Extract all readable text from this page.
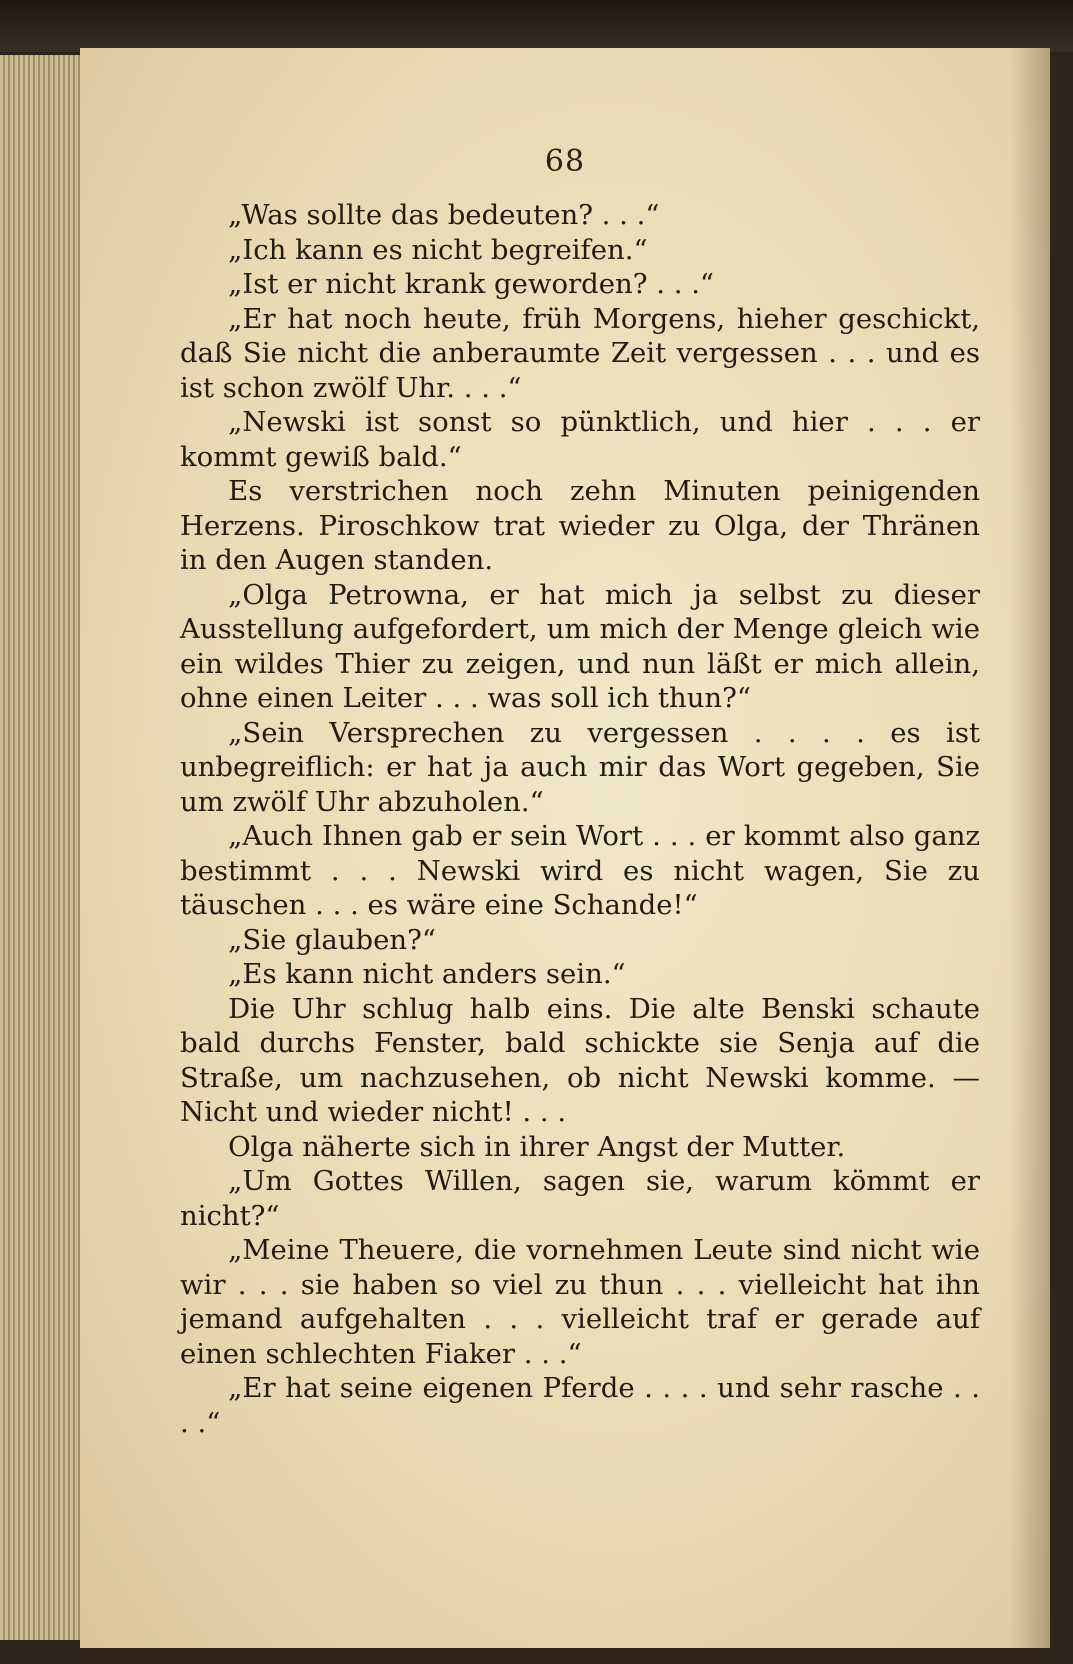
68

„Was sollte das bedeuten? . . .“

„Ich kann es nicht begreifen.“

„Ist er nicht krank geworden? . . .“

„Er hat noch heute, früh Morgens, hieher geschickt, daß Sie nicht die anberaumte Zeit vergessen . . . und es ist schon zwölf Uhr. . . .“

„Newski ist sonst so pünktlich, und hier . . . er kommt gewiß bald.“

Es verstrichen noch zehn Minuten peinigenden Herzens. Piroschkow trat wieder zu Olga, der Thränen in den Augen standen.

„Olga Petrowna, er hat mich ja selbst zu dieser Ausstellung aufgefordert, um mich der Menge gleich wie ein wildes Thier zu zeigen, und nun läßt er mich allein, ohne einen Leiter . . . was soll ich thun?“

„Sein Versprechen zu vergessen . . . . es ist unbegreiflich: er hat ja auch mir das Wort gegeben, Sie um zwölf Uhr abzuholen.“

„Auch Ihnen gab er sein Wort . . . er kommt also ganz bestimmt . . . Newski wird es nicht wagen, Sie zu täuschen . . . es wäre eine Schande!“

„Sie glauben?“

„Es kann nicht anders sein.“

Die Uhr schlug halb eins. Die alte Benski schaute bald durchs Fenster, bald schickte sie Senja auf die Straße, um nachzusehen, ob nicht Newski komme. — Nicht und wieder nicht! . . .

Olga näherte sich in ihrer Angst der Mutter.

„Um Gottes Willen, sagen sie, warum kömmt er nicht?“

„Meine Theuere, die vornehmen Leute sind nicht wie wir . . . sie haben so viel zu thun . . . vielleicht hat ihn jemand aufgehalten . . . vielleicht traf er gerade auf einen schlechten Fiaker . . .“

„Er hat seine eigenen Pferde . . . . und sehr rasche . . . .“
